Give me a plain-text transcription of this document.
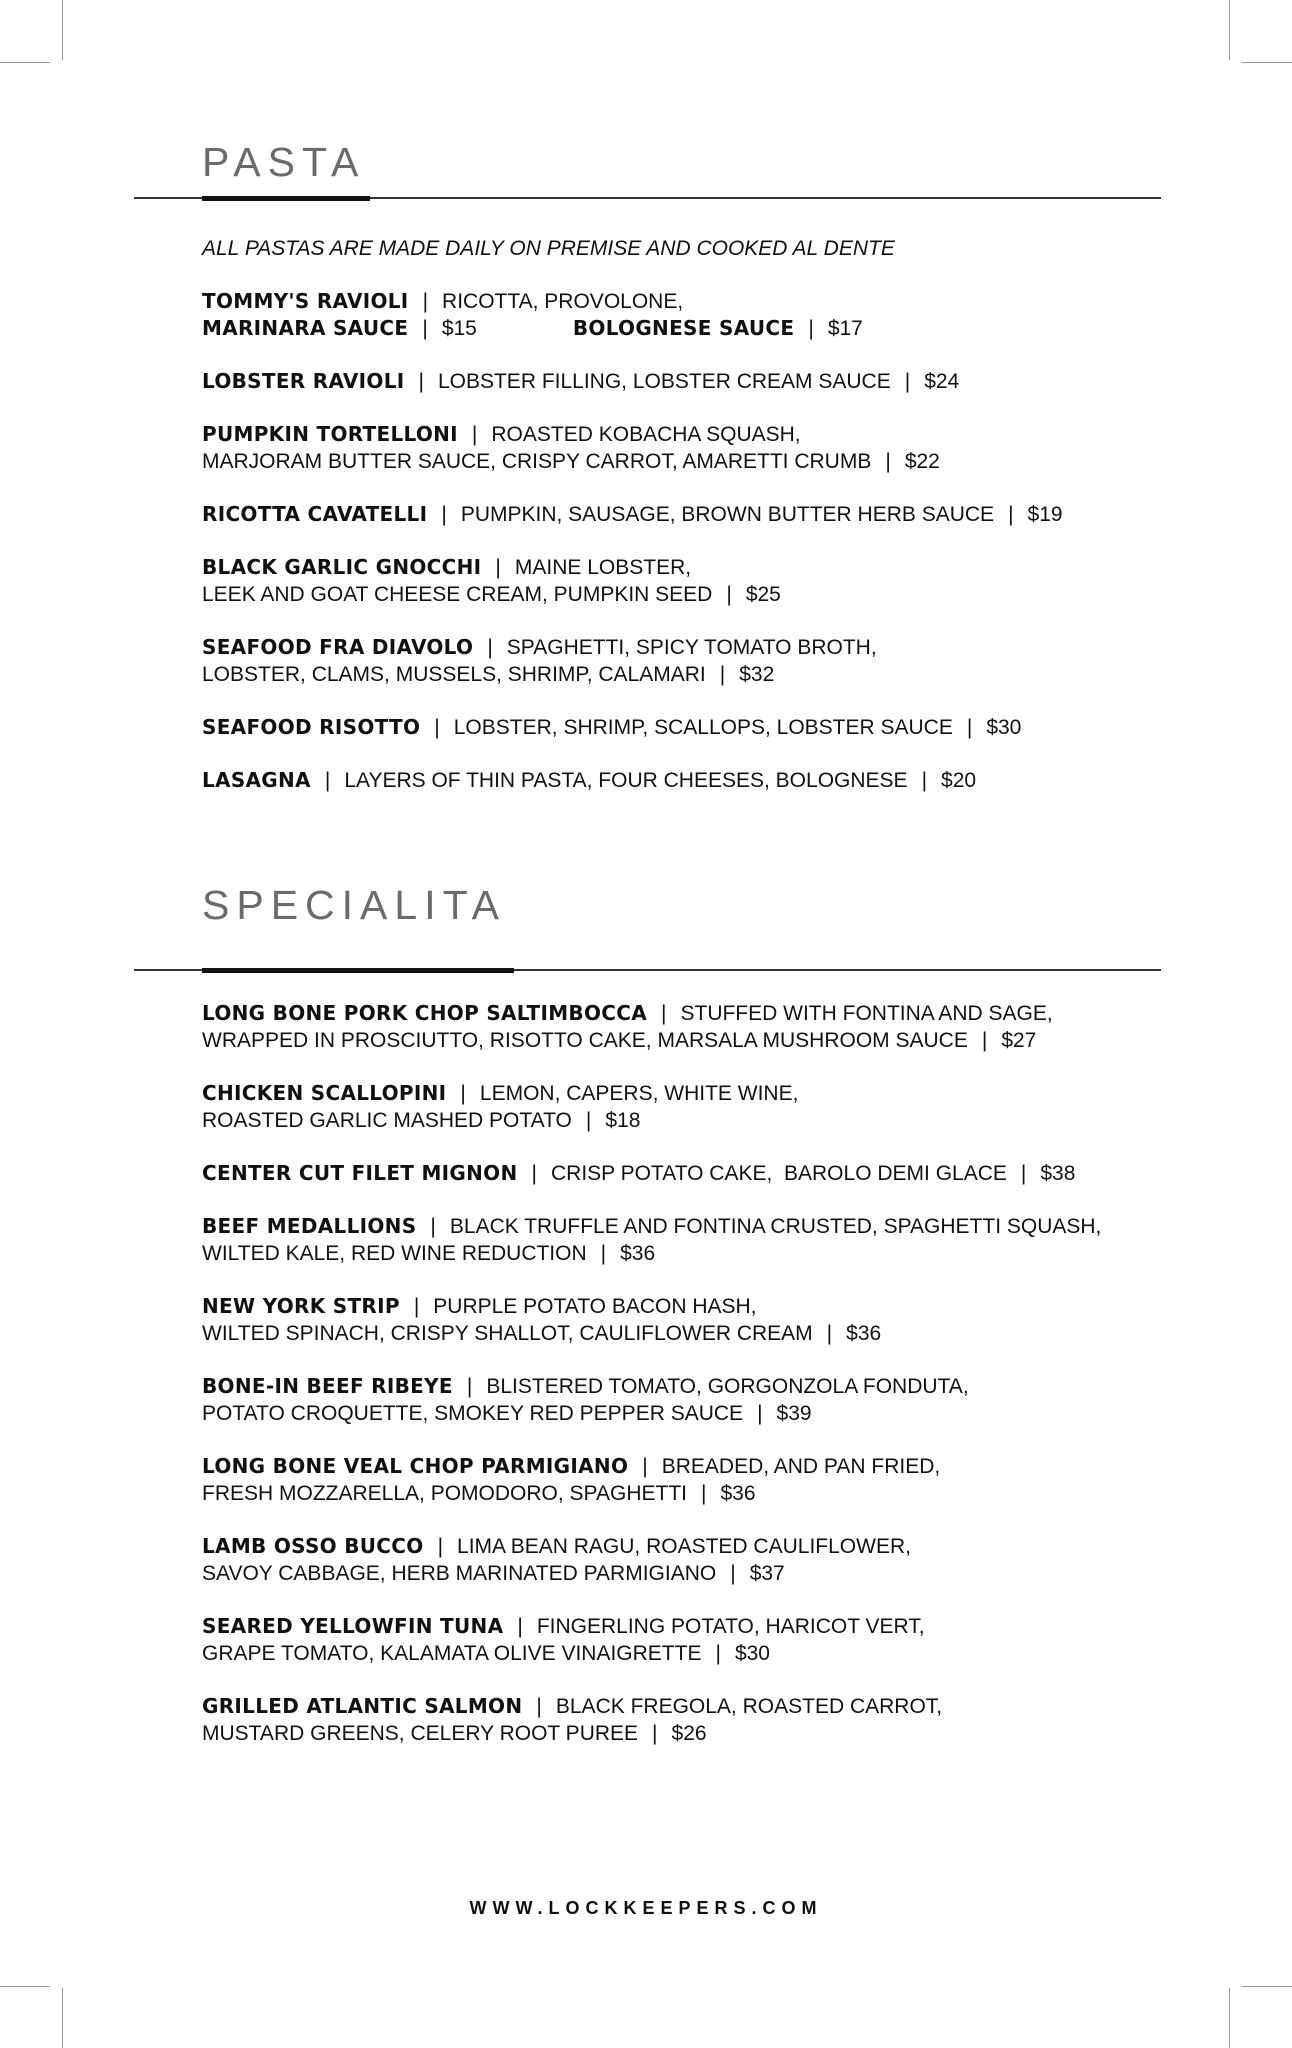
PASTA

ALL PASTAS ARE MADE DAILY ON PREMISE AND COOKED AL DENTE

TOMMY'S RAVIOLI | RICOTTA, PROVOLONE,
MARINARA SAUCE | $15	BOLOGNESE SAUCE | $17
LOBSTER RAVIOLI | LOBSTER FILLING, LOBSTER CREAM SAUCE | $24
PUMPKIN TORTELLONI | ROASTED KOBACHA SQUASH,
MARJORAM BUTTER SAUCE, CRISPY CARROT, AMARETTI CRUMB | $22
RICOTTA CAVATELLI | PUMPKIN, SAUSAGE, BROWN BUTTER HERB SAUCE | $19
BLACK GARLIC GNOCCHI | MAINE LOBSTER,
LEEK AND GOAT CHEESE CREAM, PUMPKIN SEED | $25
SEAFOOD FRA DIAVOLO | SPAGHETTI, SPICY TOMATO BROTH,
LOBSTER, CLAMS, MUSSELS, SHRIMP, CALAMARI | $32
SEAFOOD RISOTTO | LOBSTER, SHRIMP, SCALLOPS, LOBSTER SAUCE | $30
LASAGNA | LAYERS OF THIN PASTA, FOUR CHEESES, BOLOGNESE | $20
SPECIALITA
LONG BONE PORK CHOP SALTIMBOCCA | STUFFED WITH FONTINA AND SAGE,
WRAPPED IN PROSCIUTTO, RISOTTO CAKE, MARSALA MUSHROOM SAUCE | $27
CHICKEN SCALLOPINI | LEMON, CAPERS, WHITE WINE,
ROASTED GARLIC MASHED POTATO | $18
CENTER CUT FILET MIGNON | CRISP POTATO CAKE,  BAROLO DEMI GLACE | $38
BEEF MEDALLIONS | BLACK TRUFFLE AND FONTINA CRUSTED, SPAGHETTI SQUASH,
WILTED KALE, RED WINE REDUCTION | $36
NEW YORK STRIP | PURPLE POTATO BACON HASH,
WILTED SPINACH, CRISPY SHALLOT, CAULIFLOWER CREAM | $36
BONE-IN BEEF RIBEYE | BLISTERED TOMATO, GORGONZOLA FONDUTA,
POTATO CROQUETTE, SMOKEY RED PEPPER SAUCE | $39
LONG BONE VEAL CHOP PARMIGIANO | BREADED, AND PAN FRIED,
FRESH MOZZARELLA, POMODORO, SPAGHETTI | $36
LAMB OSSO BUCCO | LIMA BEAN RAGU, ROASTED CAULIFLOWER,
SAVOY CABBAGE, HERB MARINATED PARMIGIANO | $37
SEARED YELLOWFIN TUNA | FINGERLING POTATO, HARICOT VERT,
GRAPE TOMATO, KALAMATA OLIVE VINAIGRETTE | $30
GRILLED ATLANTIC SALMON | BLACK FREGOLA, ROASTED CARROT,
MUSTARD GREENS, CELERY ROOT PUREE | $26

WWW.LOCKKEEPERS.COM
